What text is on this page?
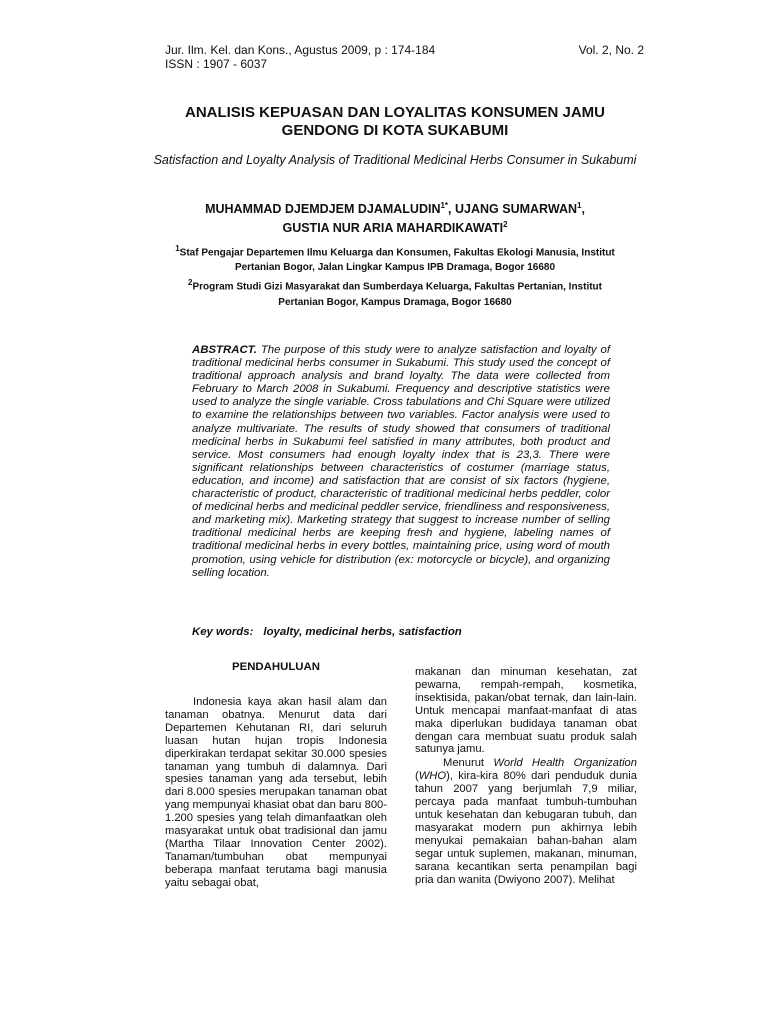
Jur. Ilm. Kel. dan Kons., Agustus 2009, p : 174-184
ISSN : 1907 - 6037
Vol. 2, No. 2
ANALISIS KEPUASAN DAN LOYALITAS KONSUMEN JAMU
GENDONG DI KOTA SUKABUMI
Satisfaction and Loyalty Analysis of Traditional Medicinal Herbs Consumer in Sukabumi
MUHAMMAD DJEMDJEM $DJAMALUDIN^{1*}$, UJANG SUMARWAN$^1$,
GUSTIA NUR ARIA MAHARDIKAWATI$^2$
$^1$Staf Pengajar Departemen Ilmu Keluarga dan Konsumen, Fakultas Ekologi Manusia, Institut Pertanian Bogor, Jalan Lingkar Kampus IPB Dramaga, Bogor 16680
$^2$Program Studi Gizi Masyarakat dan Sumberdaya Keluarga, Fakultas Pertanian, Institut Pertanian Bogor, Kampus Dramaga, Bogor 16680
ABSTRACT. The purpose of this study were to analyze satisfaction and loyalty of traditional medicinal herbs consumer in Sukabumi. This study used the concept of traditional approach analysis and brand loyalty. The data were collected from February to March 2008 in Sukabumi. Frequency and descriptive statistics were used to analyze the single variable. Cross tabulations and Chi Square were utilized to examine the relationships between two variables. Factor analysis were used to analyze multivariate. The results of study showed that consumers of traditional medicinal herbs in Sukabumi feel satisfied in many attributes, both product and service. Most consumers had enough loyalty index that is 23,3. There were significant relationships between characteristics of costumer (marriage status, education, and income) and satisfaction that are consist of six factors (hygiene, characteristic of product, characteristic of traditional medicinal herbs peddler, color of medicinal herbs and medicinal peddler service, friendliness and responsiveness, and marketing mix). Marketing strategy that suggest to increase number of selling traditional medicinal herbs are keeping fresh and hygiene, labeling names of traditional medicinal herbs in every bottles, maintaining price, using word of mouth promotion, using vehicle for distribution (ex: motorcycle or bicycle), and organizing selling location.
Key words: loyalty, medicinal herbs, satisfaction
PENDAHULUAN

Indonesia kaya akan hasil alam dan tanaman obatnya. Menurut data dari Departemen Kehutanan RI, dari seluruh luasan hutan hujan tropis Indonesia diperkirakan terdapat sekitar 30.000 spesies tanaman yang tumbuh di dalamnya. Dari spesies tanaman yang ada tersebut, lebih dari 8.000 spesies merupakan tanaman obat yang mempunyai khasiat obat dan baru 800-1.200 spesies yang telah dimanfaatkan oleh masyarakat untuk obat tradisional dan jamu (Martha Tilaar Innovation Center 2002). Tanaman/tumbuhan obat mempunyai beberapa manfaat terutama bagi manusia yaitu sebagai obat,

makanan dan minuman kesehatan, zat pewarna, rempah-rempah, kosmetika, insektisida, pakan/obat ternak, dan lain-lain. Untuk mencapai manfaat-manfaat di atas maka diperlukan budidaya tanaman obat dengan cara membuat suatu produk salah satunya jamu.

Menurut World Health Organization (WHO), kira-kira 80% dari penduduk dunia tahun 2007 yang berjumlah 7,9 miliar, percaya pada manfaat tumbuh-tumbuhan untuk kesehatan dan kebugaran tubuh, dan masyarakat modern pun akhirnya lebih menyukai pemakaian bahan-bahan alam segar untuk suplemen, makanan, minuman, sarana kecantikan serta penampilan bagi pria dan wanita (Dwiyono 2007). Melihat
